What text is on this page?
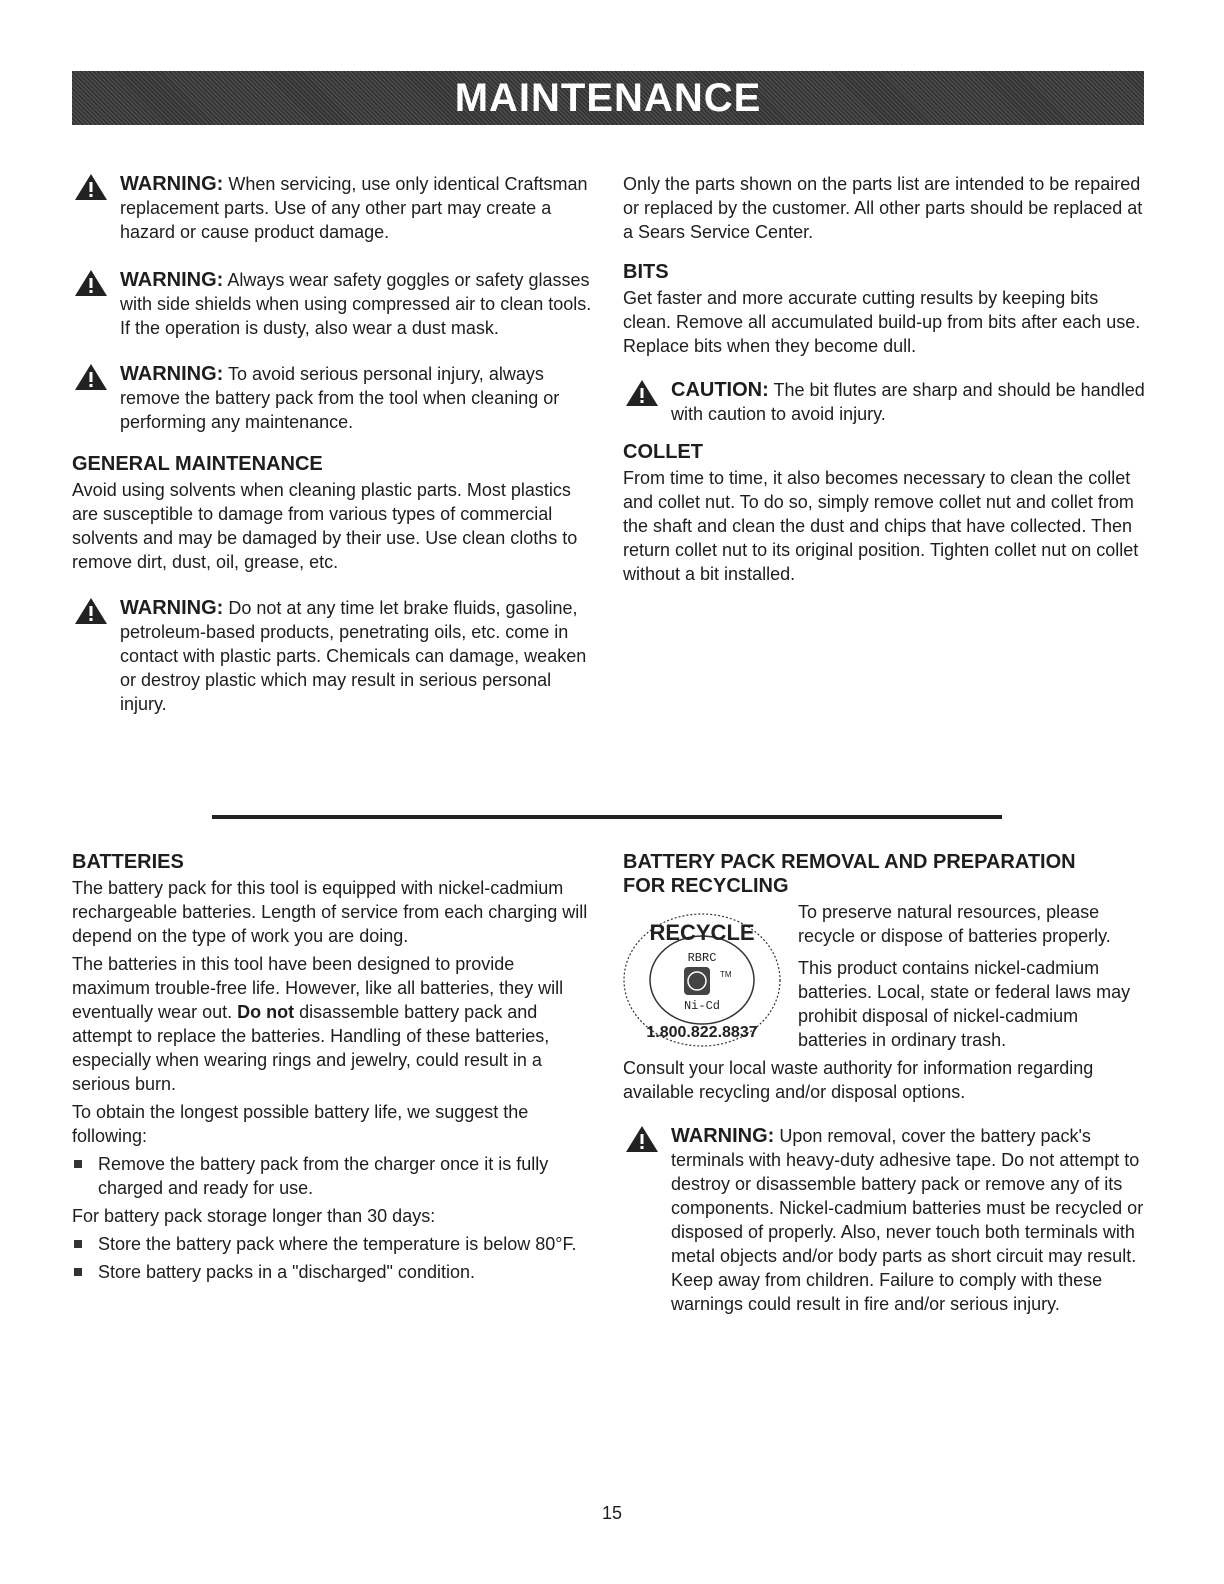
MAINTENANCE

WARNING: When servicing, use only identical Craftsman replacement parts. Use of any other part may create a hazard or cause product damage.

WARNING: Always wear safety goggles or safety glasses with side shields when using compressed air to clean tools. If the operation is dusty, also wear a dust mask.

WARNING: To avoid serious personal injury, always remove the battery pack from the tool when cleaning or performing any maintenance.

GENERAL MAINTENANCE

Avoid using solvents when cleaning plastic parts. Most plastics are susceptible to damage from various types of commercial solvents and may be damaged by their use. Use clean cloths to remove dirt, dust, oil, grease, etc.

WARNING: Do not at any time let brake fluids, gasoline, petroleum-based products, penetrating oils, etc. come in contact with plastic parts. Chemicals can damage, weaken or destroy plastic which may result in serious personal injury.

Only the parts shown on the parts list are intended to be repaired or replaced by the customer. All other parts should be replaced at a Sears Service Center.

BITS

Get faster and more accurate cutting results by keeping bits clean. Remove all accumulated build-up from bits after each use. Replace bits when they become dull.

CAUTION: The bit flutes are sharp and should be handled with caution to avoid injury.

COLLET

From time to time, it also becomes necessary to clean the collet and collet nut. To do so, simply remove collet nut and collet from the shaft and clean the dust and chips that have collected. Then return collet nut to its original position. Tighten collet nut on collet without a bit installed.

BATTERIES

The battery pack for this tool is equipped with nickel-cadmium rechargeable batteries. Length of service from each charging will depend on the type of work you are doing.

The batteries in this tool have been designed to provide maximum trouble-free life. However, like all batteries, they will eventually wear out. Do not disassemble battery pack and attempt to replace the batteries. Handling of these batteries, especially when wearing rings and jewelry, could result in a serious burn.

To obtain the longest possible battery life, we suggest the following:

Remove the battery pack from the charger once it is fully charged and ready for use.

For battery pack storage longer than 30 days:

Store the battery pack where the temperature is below 80°F.

Store battery packs in a "discharged" condition.

BATTERY PACK REMOVAL AND PREPARATION FOR RECYCLING

To preserve natural resources, please recycle or dispose of batteries properly.

This product contains nickel-cadmium batteries. Local, state or federal laws may prohibit disposal of nickel-cadmium batteries in ordinary trash.

Consult your local waste authority for information regarding available recycling and/or disposal options.

WARNING: Upon removal, cover the battery pack's terminals with heavy-duty adhesive tape. Do not attempt to destroy or disassemble battery pack or remove any of its components. Nickel-cadmium batteries must be recycled or disposed of properly. Also, never touch both terminals with metal objects and/or body parts as short circuit may result. Keep away from children. Failure to comply with these warnings could result in fire and/or serious injury.

RECYCLE
RBRC
TM
Ni-Cd
1.800.822.8837
15
